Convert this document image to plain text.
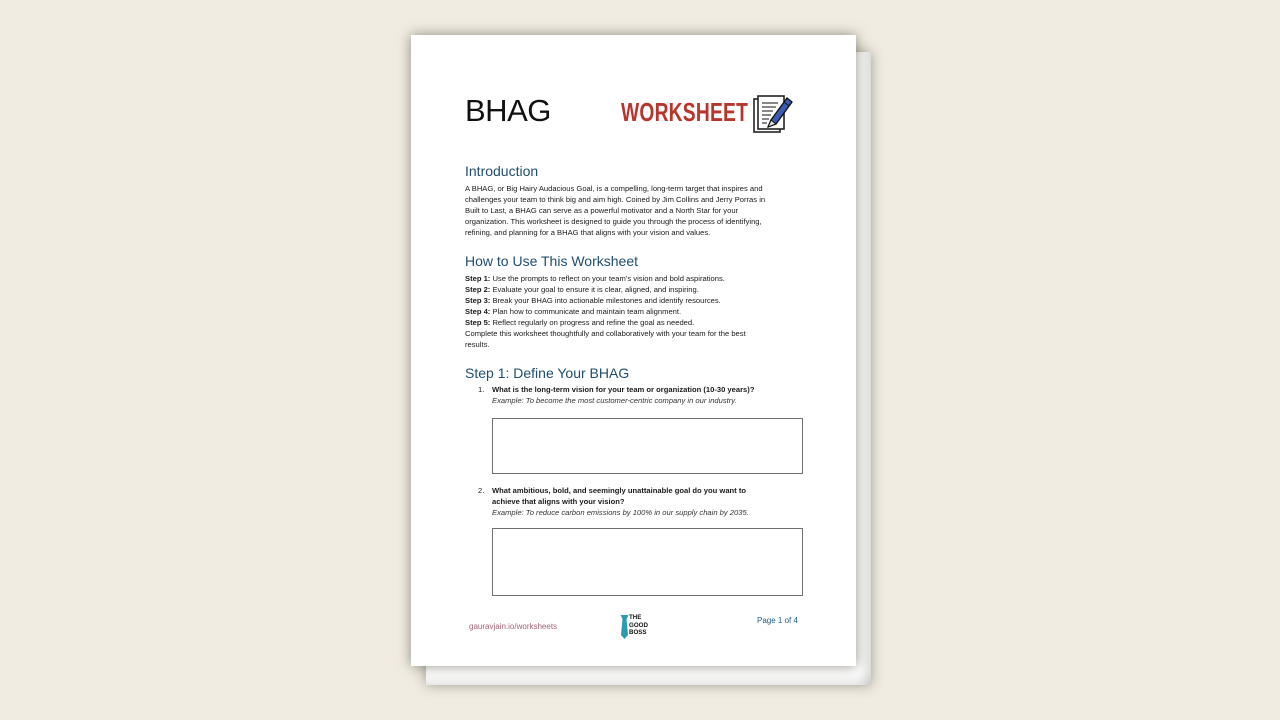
BHAG	WORKSHEET
Introduction

A BHAG, or Big Hairy Audacious Goal, is a compelling, long-term target that inspires and

challenges your team to think big and aim high. Coined by Jim Collins and Jerry Porras in

Built to Last, a BHAG can serve as a powerful motivator and a North Star for your

organization. This worksheet is designed to guide you through the process of identifying,

refining, and planning for a BHAG that aligns with your vision and values.

How to Use This Worksheet

Step 1: Use the prompts to reflect on your team’s vision and bold aspirations.

Step 2: Evaluate your goal to ensure it is clear, aligned, and inspiring.

Step 3: Break your BHAG into actionable milestones and identify resources.

Step 4: Plan how to communicate and maintain team alignment.

Step 5: Reflect regularly on progress and refine the goal as needed.

Complete this worksheet thoughtfully and collaboratively with your team for the best

results.

Step 1: Define Your BHAG
1. What is the long-term vision for your team or organization (10-30 years)?
Example: To become the most customer-centric company in our industry.
2. What ambitious, bold, and seemingly unattainable goal do you want to
achieve that aligns with your vision?
Example: To reduce carbon emissions by 100% in our supply chain by 2035.
gauravjain.io/worksheets
THE
GOOD
BOSS
Page 1 of 4
